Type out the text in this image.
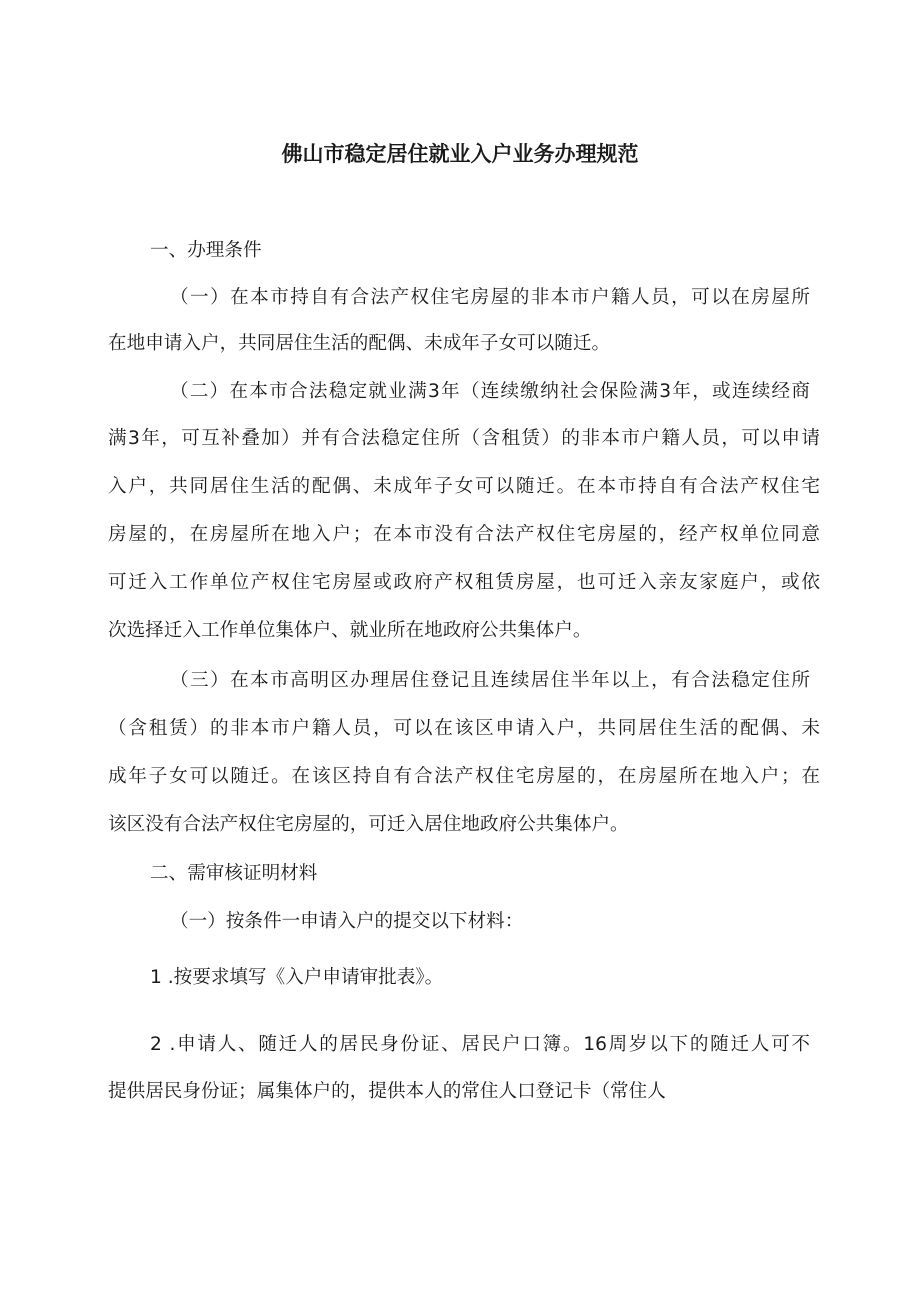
佛山市稳定居住就业入户业务办理规范
一、办理条件
（一）在本市持自有合法产权住宅房屋的非本市户籍人员，可以在房屋所
在地申请入户，共同居住生活的配偶、未成年子女可以随迁。
（二）在本市合法稳定就业满3年（连续缴纳社会保险满3年，或连续经商
满3年，可互补叠加）并有合法稳定住所（含租赁）的非本市户籍人员，可以申请
入户，共同居住生活的配偶、未成年子女可以随迁。在本市持自有合法产权住宅
房屋的，在房屋所在地入户；在本市没有合法产权住宅房屋的，经产权单位同意
可迁入工作单位产权住宅房屋或政府产权租赁房屋，也可迁入亲友家庭户，或依
次选择迁入工作单位集体户、就业所在地政府公共集体户。
（三）在本市高明区办理居住登记且连续居住半年以上，有合法稳定住所
（含租赁）的非本市户籍人员，可以在该区申请入户，共同居住生活的配偶、未
成年子女可以随迁。在该区持自有合法产权住宅房屋的，在房屋所在地入户；在
该区没有合法产权住宅房屋的，可迁入居住地政府公共集体户。
二、需审核证明材料
（一）按条件一申请入户的提交以下材料：
1 .按要求填写《入户申请审批表》。
2 .申请人、随迁人的居民身份证、居民户口簿。16周岁以下的随迁人可不
提供居民身份证；属集体户的，提供本人的常住人口登记卡（常住人
